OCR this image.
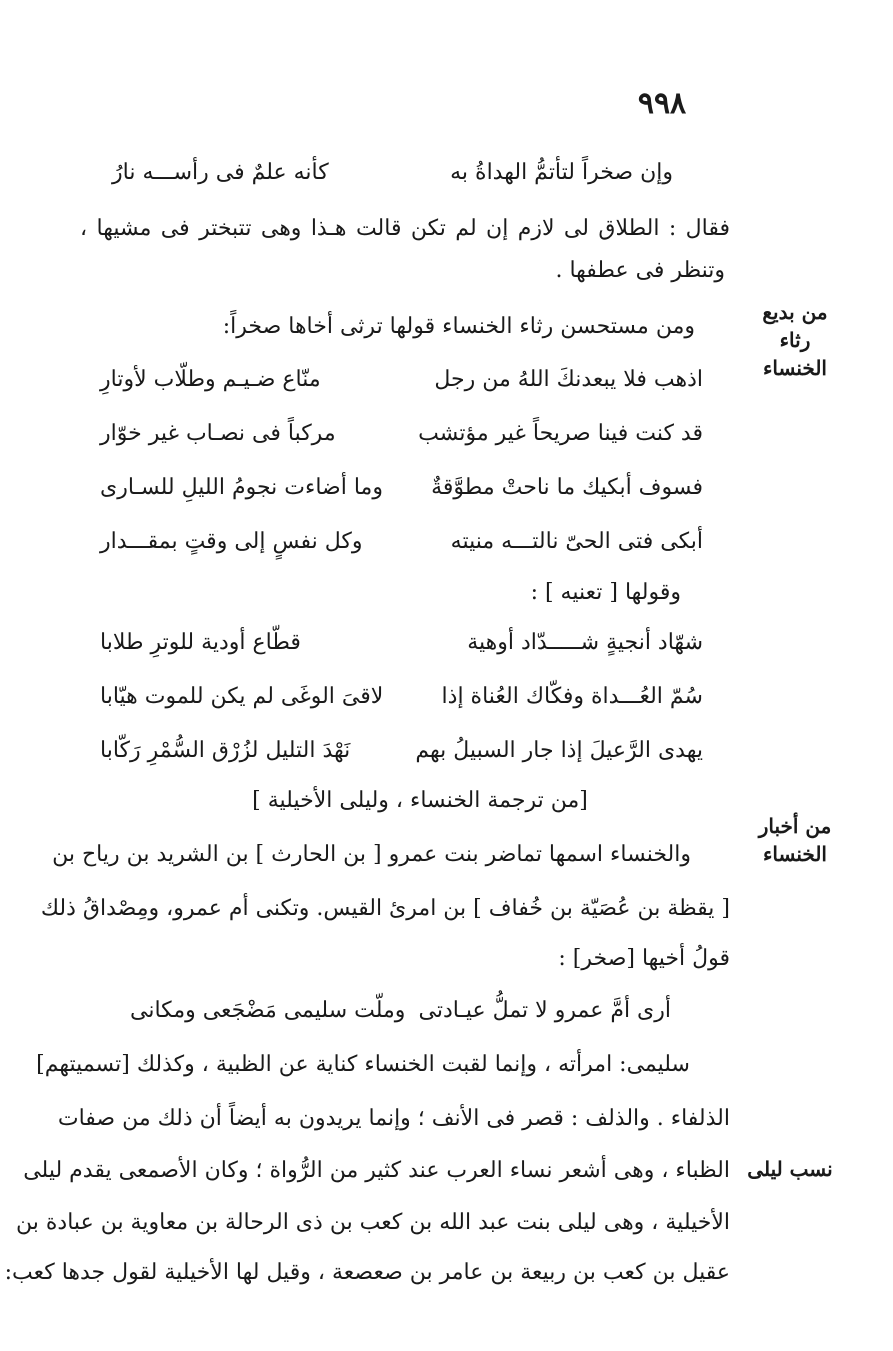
٩٩٨
وإن صخراً لتأتمُّ الهداةُ به
كأنه علمٌ فى رأســـه نارُ
فقال : الطلاق لى لازم إن لم تكن قالت هـذا وهى تتبختر فى مشيها ،
وتنظر فى عطفها .
من بديع رثاء الخنساء
ومن مستحسن رثاء الخنساء قولها ترثى أخاها صخراً:
اذهب فلا يبعدنكَ اللهُ من رجل
منّاع ضـيـم وطلّاب لأوتارِ
قد كنت فينا صريحاً غير مؤتشب
مركباً فى نصـاب غير خوّار
فسوف أبكيك ما ناحتْ مطوَّقةٌ
وما أضاءت نجومُ الليلِ للسـارى
أبكى فتى الحىّ نالتـــه منيته
وكل نفسٍ إلى وقتٍ بمقـــدار
وقولها [ تعنيه ] :
شهّاد أنجيةٍ شـــــدّاد أوهية
قطّاع أودية للوترِ طلابا
سُمّ العُـــداة وفكّاك العُناة إذا
لاقىَ الوغَى لم يكن للموت هيّابا
يهدى الرَّعيلَ إذا جار السبيلُ بهم
نَهْدَ التليل لزُرْق السُّمْرِ رَكّابا
[من ترجمة الخنساء ، وليلى الأخيلية ]
من أخبار الخنساء
والخنساء اسمها تماضر بنت عمرو [ بن الحارث ] بن الشريد بن رياح بن
[ يقظة بن عُصَيّة بن خُفاف ] بن امرئ القيس. وتكنى أم عمرو، ومِصْداقُ ذلك
قولُ أخيها [صخر] :
أرى أمَّ عمرو لا تملُّ عيـادتى
وملّت سليمى مَضْجَعى ومكانى
سليمى: امرأته ، وإنما لقبت الخنساء كناية عن الظبية ، وكذلك [تسميتهم]
الذلفاء . والذلف : قصر فى الأنف ؛ وإنما يريدون به أيضاً أن ذلك من صفات
نسب ليلى
الظباء ، وهى أشعر نساء العرب عند كثير من الرُّواة ؛ وكان الأصمعى يقدم ليلى
الأخيلية ، وهى ليلى بنت عبد الله بن كعب بن ذى الرحالة بن معاوية بن عبادة بن
عقيل بن كعب بن ربيعة بن عامر بن صعصعة ، وقيل لها الأخيلية لقول جدها كعب:
